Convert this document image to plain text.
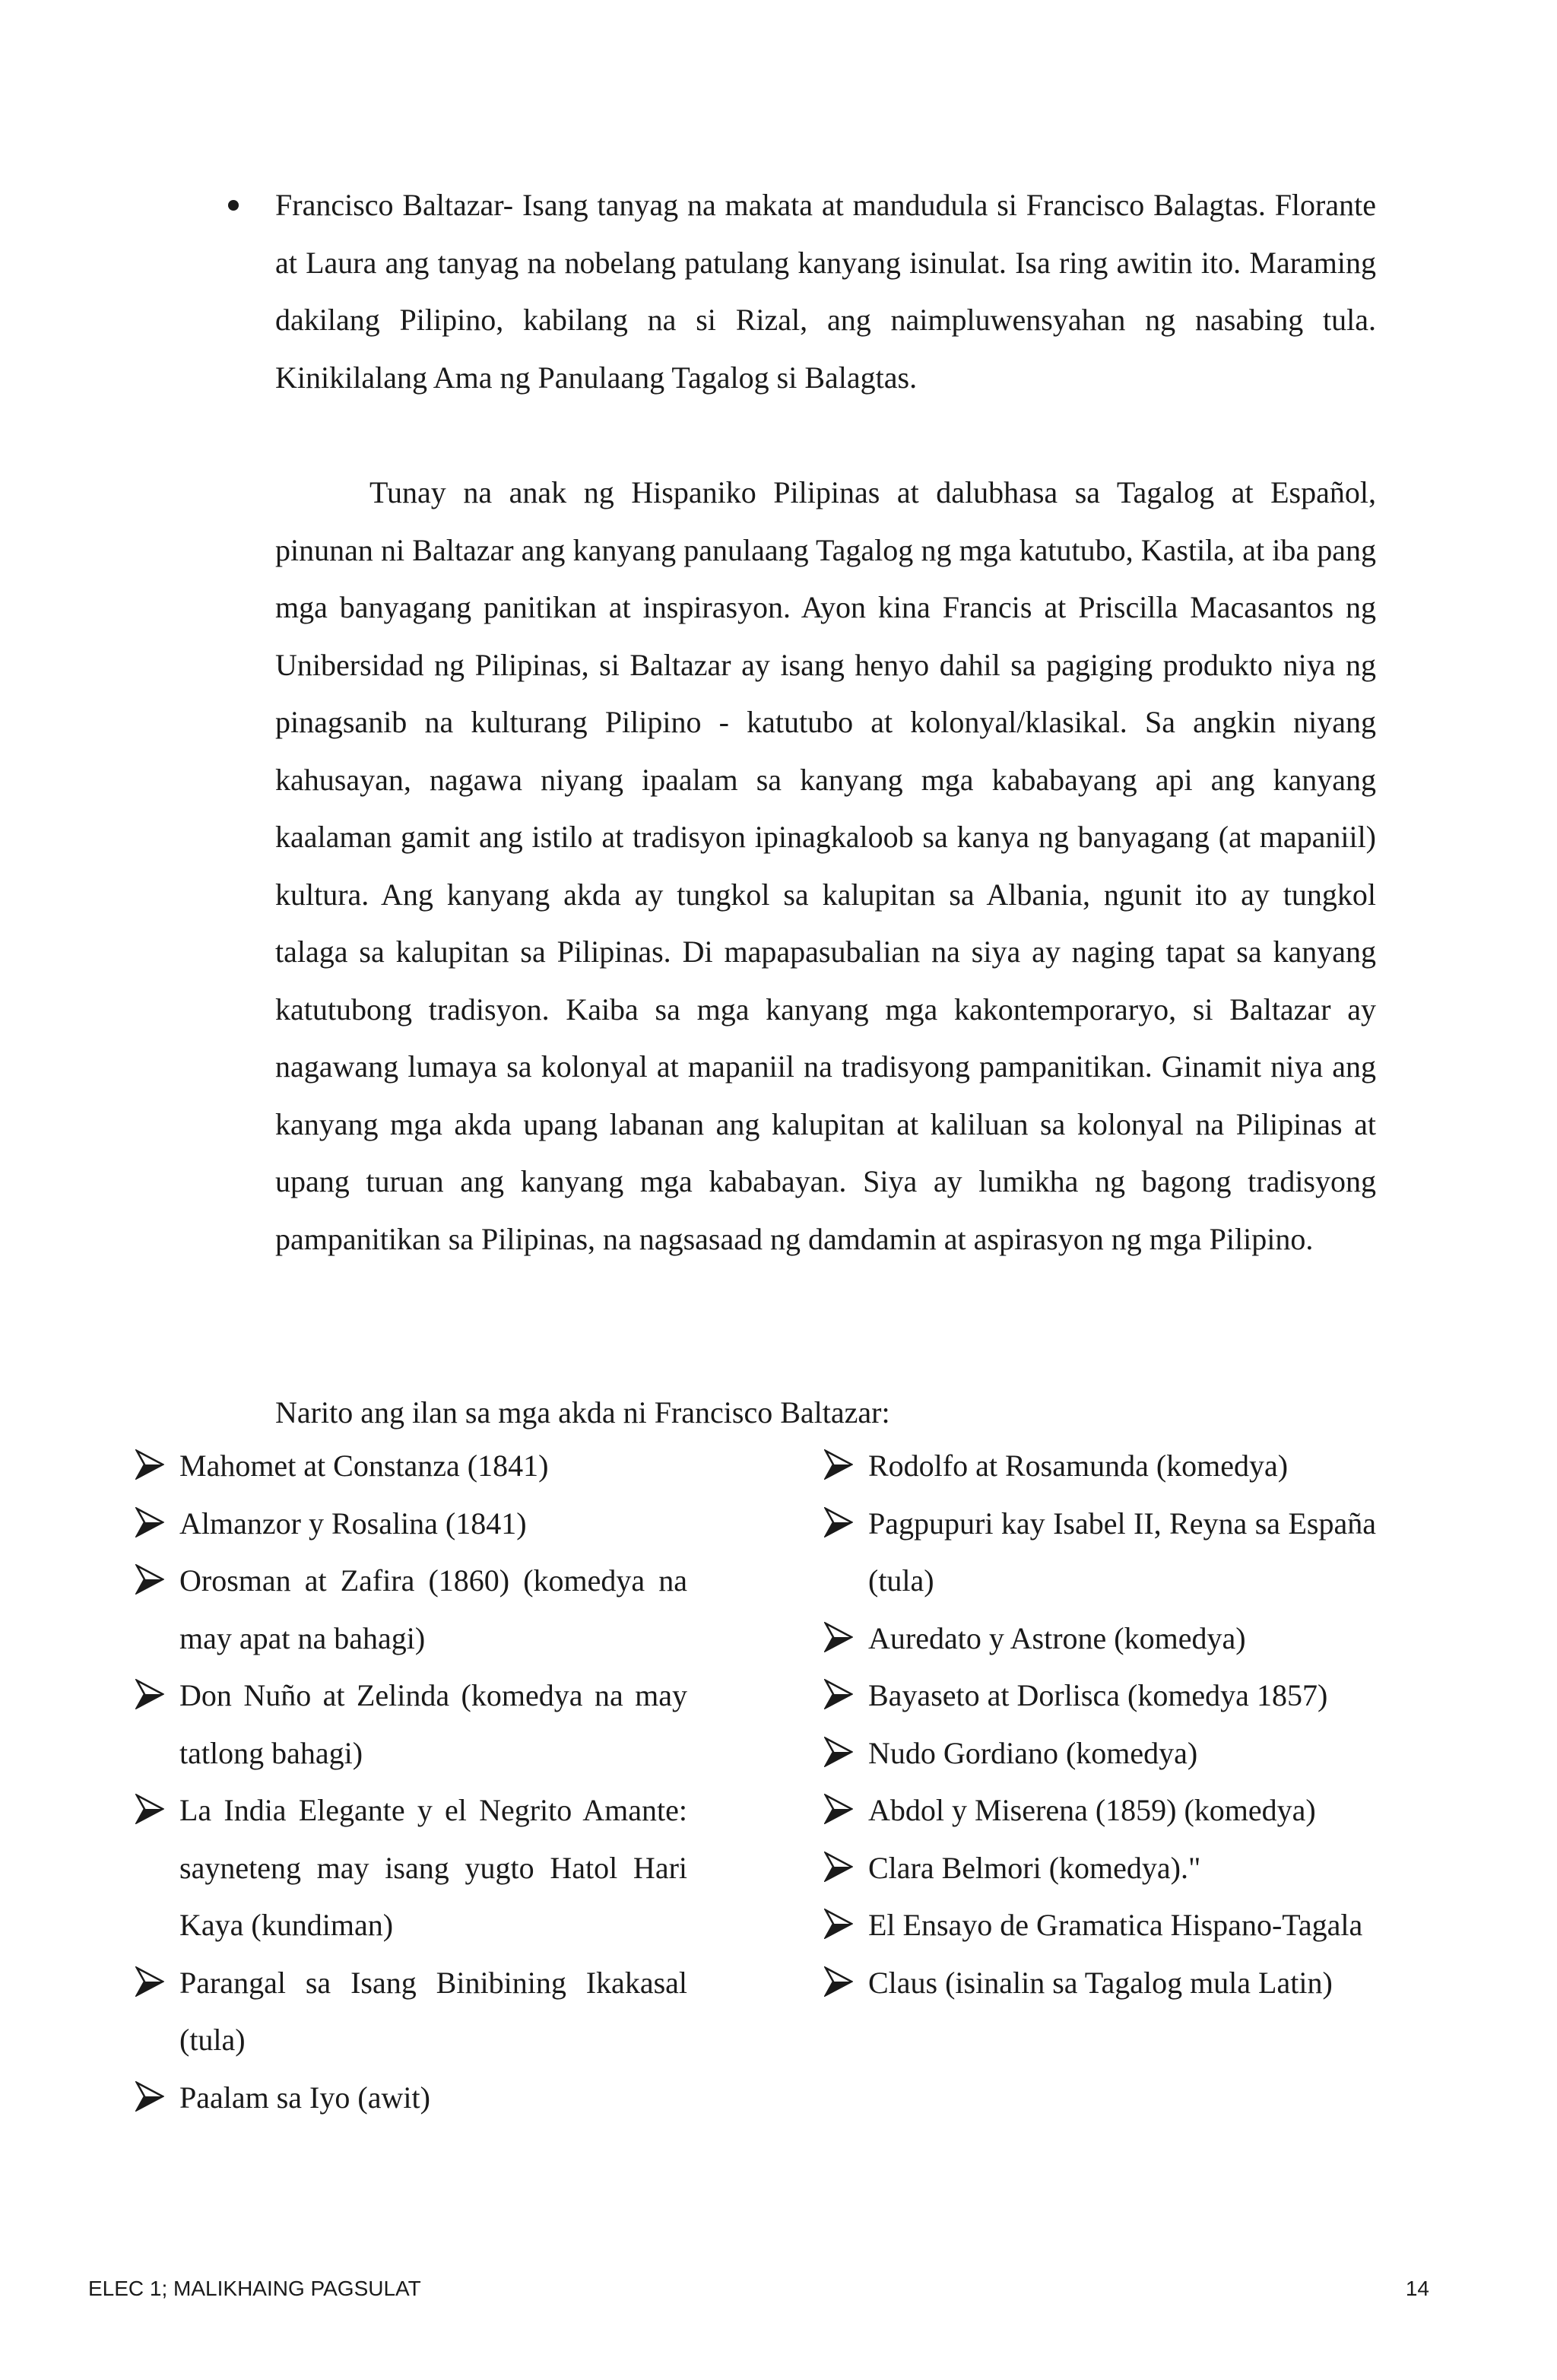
Francisco Baltazar- Isang tanyag na makata at mandudula si Francisco Balagtas. Florante at Laura ang tanyag na nobelang patulang kanyang isinulat. Isa ring awitin ito. Maraming dakilang Pilipino, kabilang na si Rizal, ang naimpluwensyahan ng nasabing tula. Kinikilalang Ama ng Panulaang Tagalog si Balagtas.
Tunay na anak ng Hispaniko Pilipinas at dalubhasa sa Tagalog at Español, pinunan ni Baltazar ang kanyang panulaang Tagalog ng mga katutubo, Kastila, at iba pang mga banyagang panitikan at inspirasyon. Ayon kina Francis at Priscilla Macasantos ng Unibersidad ng Pilipinas, si Baltazar ay isang henyo dahil sa pagiging produkto niya ng pinagsanib na kulturang Pilipino - katutubo at kolonyal/klasikal. Sa angkin niyang kahusayan, nagawa niyang ipaalam sa kanyang mga kababayang api ang kanyang kaalaman gamit ang istilo at tradisyon ipinagkaloob sa kanya ng banyagang (at mapaniil) kultura. Ang kanyang akda ay tungkol sa kalupitan sa Albania, ngunit ito ay tungkol talaga sa kalupitan sa Pilipinas. Di mapapasubalian na siya ay naging tapat sa kanyang katutubong tradisyon. Kaiba sa mga kanyang mga kakontemporaryo, si Baltazar ay nagawang lumaya sa kolonyal at mapaniil na tradisyong pampanitikan. Ginamit niya ang kanyang mga akda upang labanan ang kalupitan at kaliluan sa kolonyal na Pilipinas at upang turuan ang kanyang mga kababayan. Siya ay lumikha ng bagong tradisyong pampanitikan sa Pilipinas, na nagsasaad ng damdamin at aspirasyon ng mga Pilipino.
Narito ang ilan sa mga akda ni Francisco Baltazar:
Mahomet at Constanza (1841)
Almanzor y Rosalina (1841)
Orosman at Zafira (1860) (komedya na may apat na bahagi)
Don Nuño at Zelinda (komedya na may tatlong bahagi)
La India Elegante y el Negrito Amante: sayneteng may isang yugto Hatol Hari Kaya (kundiman)
Parangal sa Isang Binibining Ikakasal (tula)
Paalam sa Iyo (awit)
Rodolfo at Rosamunda (komedya)
Pagpupuri kay Isabel II, Reyna sa España (tula)
Auredato y Astrone (komedya)
Bayaseto at Dorlisca (komedya 1857)
Nudo Gordiano (komedya)
Abdol y Miserena (1859) (komedya)
Clara Belmori (komedya)."
El Ensayo de Gramatica Hispano-Tagala
Claus (isinalin sa Tagalog mula Latin)
ELEC 1; MALIKHAING PAGSULAT	14
